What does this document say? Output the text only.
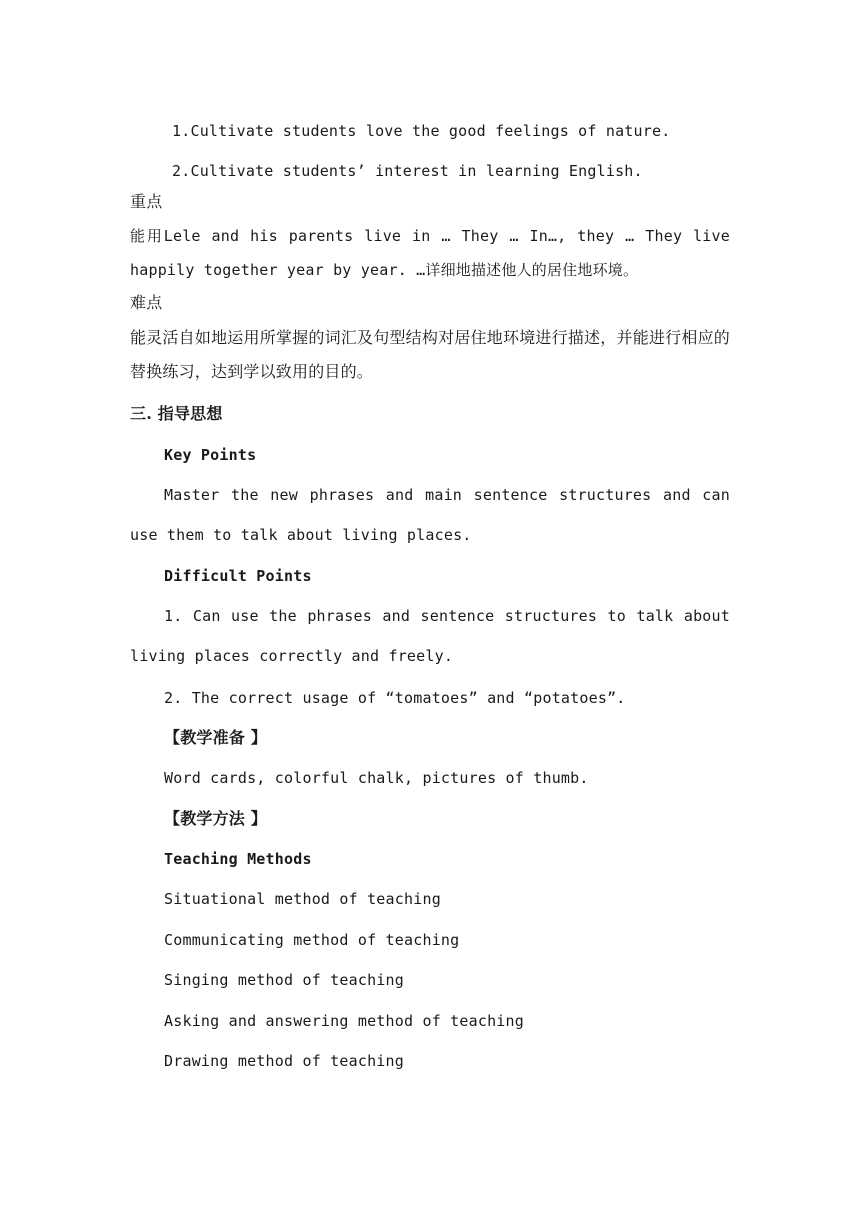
1.Cultivate students love the good feelings of nature.
2.Cultivate students’ interest in learning English.
重点
能用Lele and his parents live in … They … In…, they … They live happily together year by year. …详细地描述他人的居住地环境。
难点
能灵活自如地运用所掌握的词汇及句型结构对居住地环境进行描述，并能进行相应的替换练习，达到学以致用的目的。
三. 指导思想
Key Points
Master the new phrases and main sentence structures and can use them to talk about living places.
Difficult Points
1. Can use the phrases and sentence structures to talk about living places correctly and freely.
2. The correct usage of “tomatoes” and “potatoes”.
【教学准备 】
Word cards, colorful chalk, pictures of thumb.
【教学方法 】
Teaching Methods
Situational method of teaching
Communicating method of teaching
Singing method of teaching
Asking and answering method of teaching
Drawing method of teaching
